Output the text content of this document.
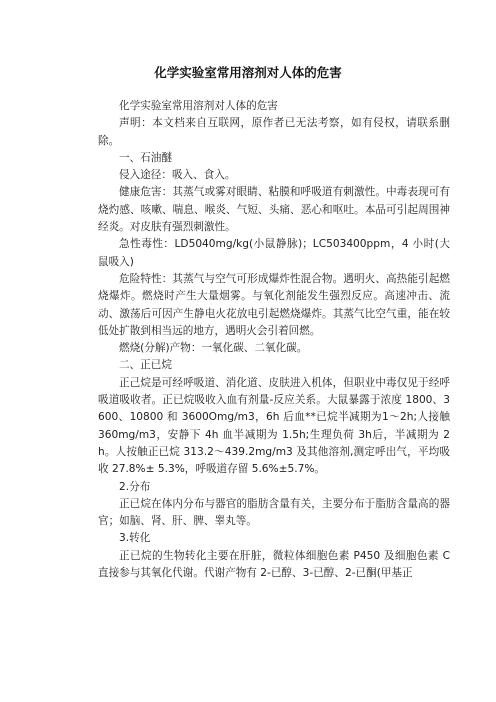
化学实验室常用溶剂对人体的危害

化学实验室常用溶剂对人体的危害

声明：本文档来自互联网，原作者已无法考察，如有侵权，请联系删除。

一、石油醚

侵入途径：吸入、食入。

健康危害：其蒸气或雾对眼睛、粘膜和呼吸道有刺激性。中毒表现可有烧灼感、咳嗽、喘息、喉炎、气短、头痛、恶心和呕吐。本品可引起周围神经炎。对皮肤有强烈刺激性。

急性毒性：LD5040mg/kg(小鼠静脉)；LC503400ppm，4 小时(大鼠吸入)

危险特性：其蒸气与空气可形成爆炸性混合物。遇明火、高热能引起燃烧爆炸。燃烧时产生大量烟雾。与氧化剂能发生强烈反应。高速冲击、流动、激荡后可因产生静电火花放电引起燃烧爆炸。其蒸气比空气重，能在较低处扩散到相当远的地方，遇明火会引着回燃。

燃烧(分解)产物：一氧化碳、二氧化碳。

二、正已烷

正己烷是可经呼吸道、消化道、皮肤进入机体，但职业中毒仅见于经呼吸道吸收者。正已烷吸收入血有剂量-反应关系。大鼠暴露于浓度 1800、3600、10800 和 3600Omg/m3，6h 后血**已烷半减期为1～2h;人接触 360mg/m3，安静下 4h 血半减期为 1.5h;生理负荷 3h后，半减期为 2h。人按触正已烷 313.2～439.2mg/m3 及其他溶剂,测定呼出气，平均吸收 27.8%± 5.3%，呼吸道存留 5.6%±5.7%。

2.分布

正已烷在体内分布与器官的脂肪含量有关，主要分布于脂肪含量高的器官；如脑、肾、肝、脾、睾丸等。

3.转化

正已烷的生物转化主要在肝脏，微粒体细胞色素 P450 及细胞色素 C 直接参与其氧化代谢。代谢产物有 2-已醇、3-已醇、2-已酮(甲基正
